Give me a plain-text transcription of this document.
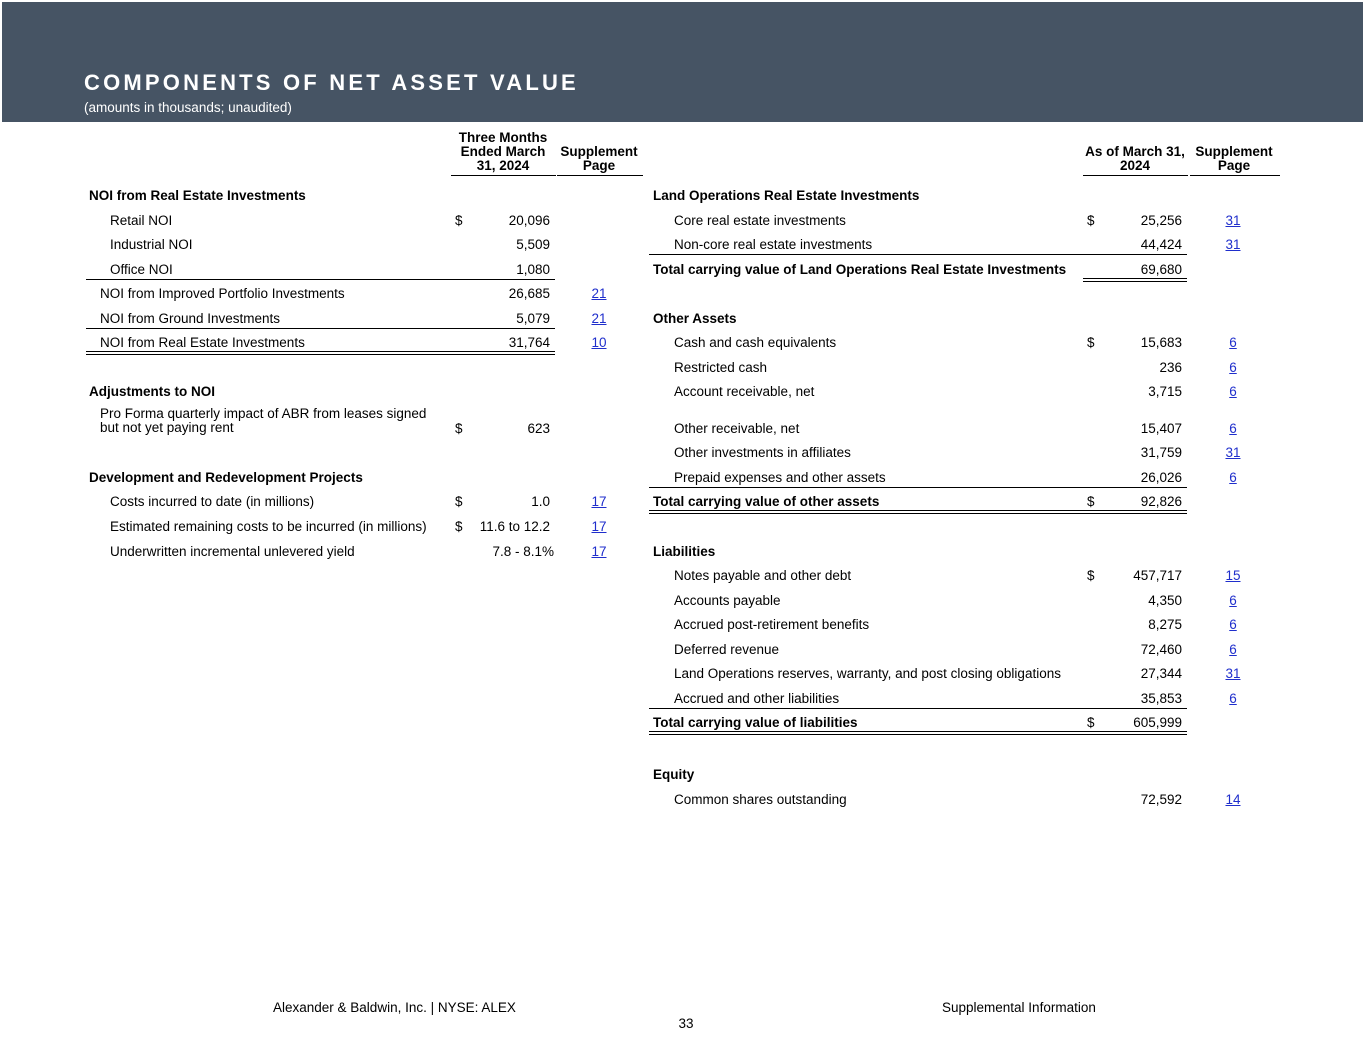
COMPONENTS OF NET ASSET VALUE
(amounts in thousands; unaudited)
Three Months Ended March 31, 2024
Supplement Page
NOI from Real Estate Investments
Retail NOI	$	20,096
Industrial NOI	5,509
Office NOI	1,080
NOI from Improved Portfolio Investments	26,685	21
NOI from Ground Investments	5,079	21
NOI from Real Estate Investments	31,764	10
Adjustments to NOI
Pro Forma quarterly impact of ABR from leases signed
but not yet paying rent	$	623
Development and Redevelopment Projects
Costs incurred to date (in millions)	$	1.0	17
Estimated remaining costs to be incurred (in millions) $	11.6 to 12.2	17
Underwritten incremental unlevered yield	7.8 - 8.1%	17
As of March 31, 2024
Supplement Page
Land Operations Real Estate Investments
Core real estate investments	$	25,256	31
Non-core real estate investments	44,424	31
Total carrying value of Land Operations Real Estate Investments	69,680
Other Assets
Cash and cash equivalents	$	15,683	6
Restricted cash	236	6
Account receivable, net	3,715	6
Other receivable, net	15,407	6
Other investments in affiliates	31,759	31
Prepaid expenses and other assets	26,026	6
Total carrying value of other assets	$	92,826
Liabilities
Notes payable and other debt	$	457,717	15
Accounts payable	4,350	6
Accrued post-retirement benefits	8,275	6
Deferred revenue	72,460	6
Land Operations reserves, warranty, and post closing obligations	27,344	31
Accrued and other liabilities	35,853	6
Total carrying value of liabilities	$	605,999
Equity
Common shares outstanding	72,592	14
Alexander & Baldwin, Inc. | NYSE: ALEX
33
Supplemental Information
